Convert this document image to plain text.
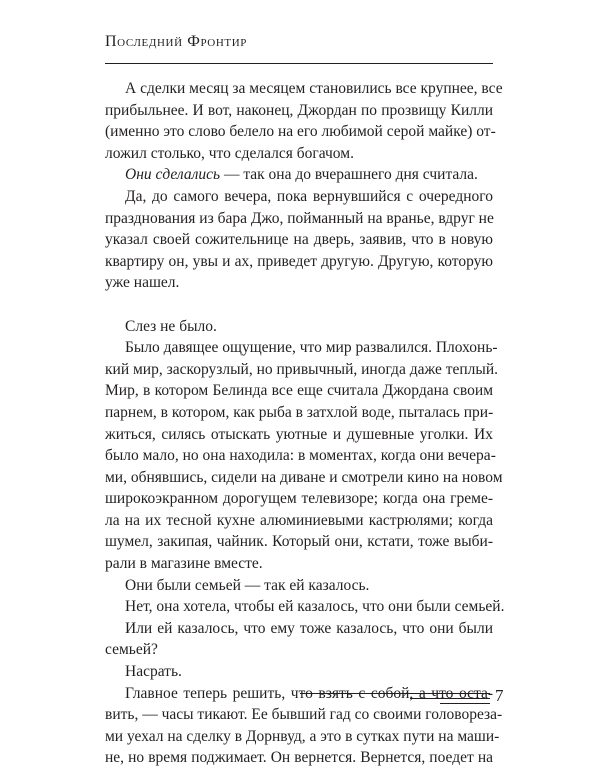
Последний Фронтир
А сделки месяц за месяцем становились все крупнее, все
прибыльнее. И вот, наконец, Джордан по прозвищу Килли
(именно это слово белело на его любимой серой майке) от-
ложил столько, что сделался богачом.
Они сделались — так она до вчерашнего дня считала.
Да, до самого вечера, пока вернувшийся с очередного
празднования из бара Джо, пойманный на вранье, вдруг не
указал своей сожительнице на дверь, заявив, что в новую
квартиру он, увы и ах, приведет другую. Другую, которую
уже нашел.
Слез не было.
Было давящее ощущение, что мир развалился. Плохонь-
кий мир, заскорузлый, но привычный, иногда даже теплый.
Мир, в котором Белинда все еще считала Джордана своим
парнем, в котором, как рыба в затхлой воде, пыталась при-
житься, силясь отыскать уютные и душевные уголки. Их
было мало, но она находила: в моментах, когда они вечера-
ми, обнявшись, сидели на диване и смотрели кино на новом
широкоэкранном дорогущем телевизоре; когда она греме-
ла на их тесной кухне алюминиевыми кастрюлями; когда
шумел, закипая, чайник. Который они, кстати, тоже выби-
рали в магазине вместе.
Они были семьей — так ей казалось.
Нет, она хотела, чтобы ей казалось, что они были семьей.
Или ей казалось, что ему тоже казалось, что они были
семьей?
Насрать.
Главное теперь решить, что взять с собой, а что оста-
вить, — часы тикают. Ее бывший гад со своими головореза-
ми уехал на сделку в Дорнвуд, а это в сутках пути на маши-
не, но время поджимает. Он вернется. Вернется, поедет на
7
